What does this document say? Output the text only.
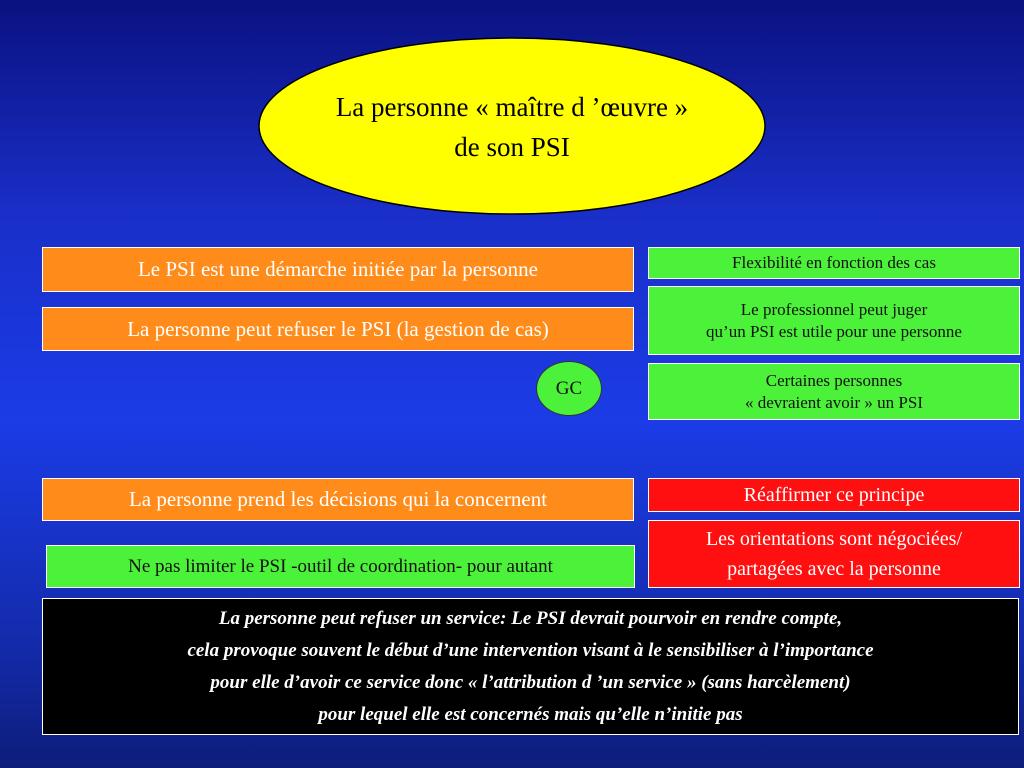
La personne « maître d ’œuvre »
de son PSI
Le PSI est une démarche initiée par la personne
La personne peut refuser le PSI (la gestion de cas)
La personne prend les décisions qui la concernent
Ne pas limiter le PSI -outil de coordination- pour autant
GC
Flexibilité en fonction des cas
Le professionnel peut juger
qu’un PSI est utile pour une personne
Certaines personnes
« devraient avoir » un PSI
Réaffirmer ce principe
Les orientations sont négociées/
partagées avec la personne
La personne peut refuser un service: Le PSI devrait pourvoir en rendre compte,
cela provoque souvent le début d’une intervention visant à le sensibiliser à l’importance
pour elle d’avoir ce service donc « l’attribution d ’un service » (sans harcèlement)
pour lequel elle est concernés mais qu’elle n’initie pas
